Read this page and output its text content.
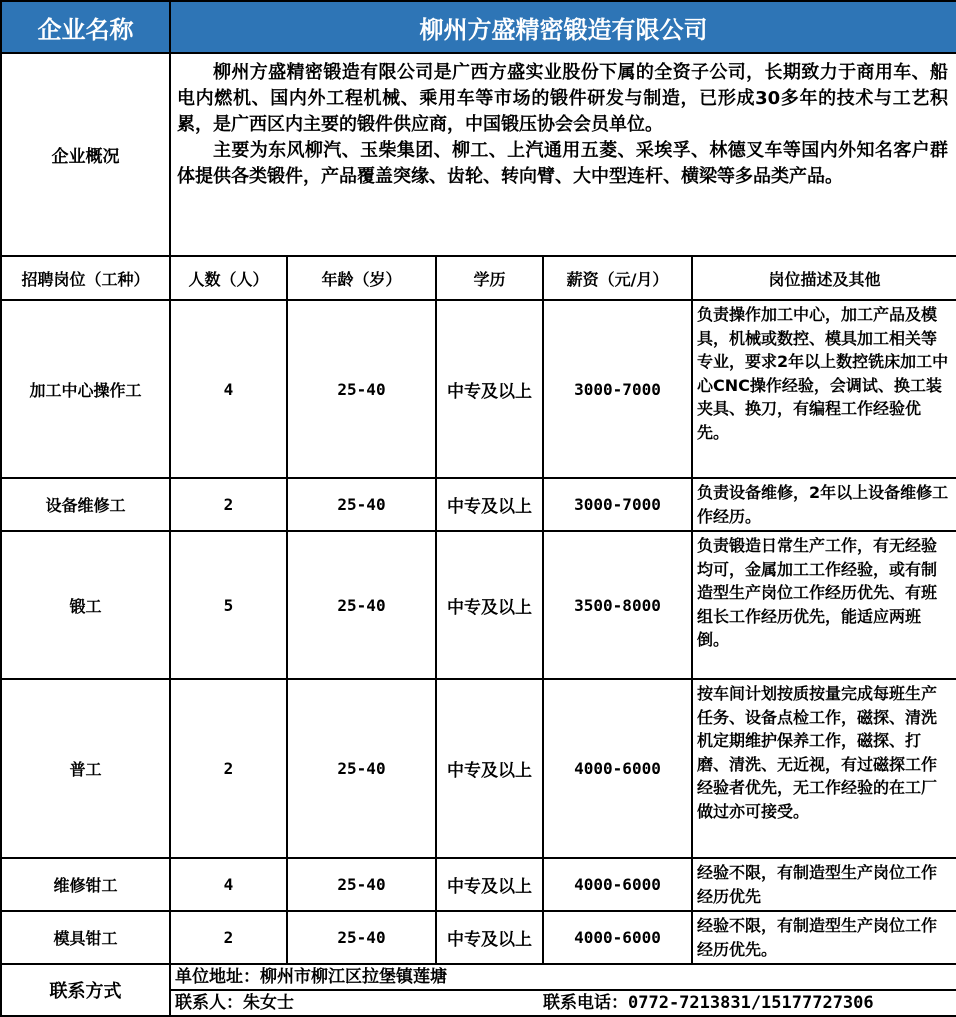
企业名称	柳州方盛精密锻造有限公司				
企业概况	柳州方盛精密锻造有限公司是广西方盛实业股份下属的全资子公司，长期致力于商用车、船电内燃机、国内外工程机械、乘用车等市场的锻件研发与制造，已形成30多年的技术与工艺积累，是广西区内主要的锻件供应商，中国锻压协会会员单位。

主要为东风柳汽、玉柴集团、柳工、上汽通用五菱、采埃孚、林德叉车等国内外知名客户群体提供各类锻件，产品覆盖突缘、齿轮、转向臂、大中型连杆、横梁等多品类产品。				

招聘岗位（工种）	人数（人）	年龄（岁）	学历	薪资（元/月）	岗位描述及其他
加工中心操作工	4	25-40	中专及以上	3000-7000	负责操作加工中心，加工产品及模具，机械或数控、模具加工相关等专业，要求2年以上数控铣床加工中心CNC操作经验，会调试、换工装夹具、换刀，有编程工作经验优先。
设备维修工	2	25-40	中专及以上	3000-7000	负责设备维修，2年以上设备维修工作经历。
锻工	5	25-40	中专及以上	3500-8000	负责锻造日常生产工作，有无经验均可，金属加工工作经验，或有制造型生产岗位工作经历优先、有班组长工作经历优先，能适应两班倒。
普工	2	25-40	中专及以上	4000-6000	按车间计划按质按量完成每班生产任务、设备点检工作，磁探、清洗机定期维护保养工作，磁探、打磨、清洗、无近视，有过磁探工作经验者优先，无工作经验的在工厂做过亦可接受。
维修钳工	4	25-40	中专及以上	4000-6000	经验不限，有制造型生产岗位工作经历优先
模具钳工	2	25-40	中专及以上	4000-6000	经验不限，有制造型生产岗位工作经历优先。
联系方式	单位地址：柳州市柳江区拉堡镇莲塘
联系人：朱女士 联系电话：0772-7213831/15177727306				
